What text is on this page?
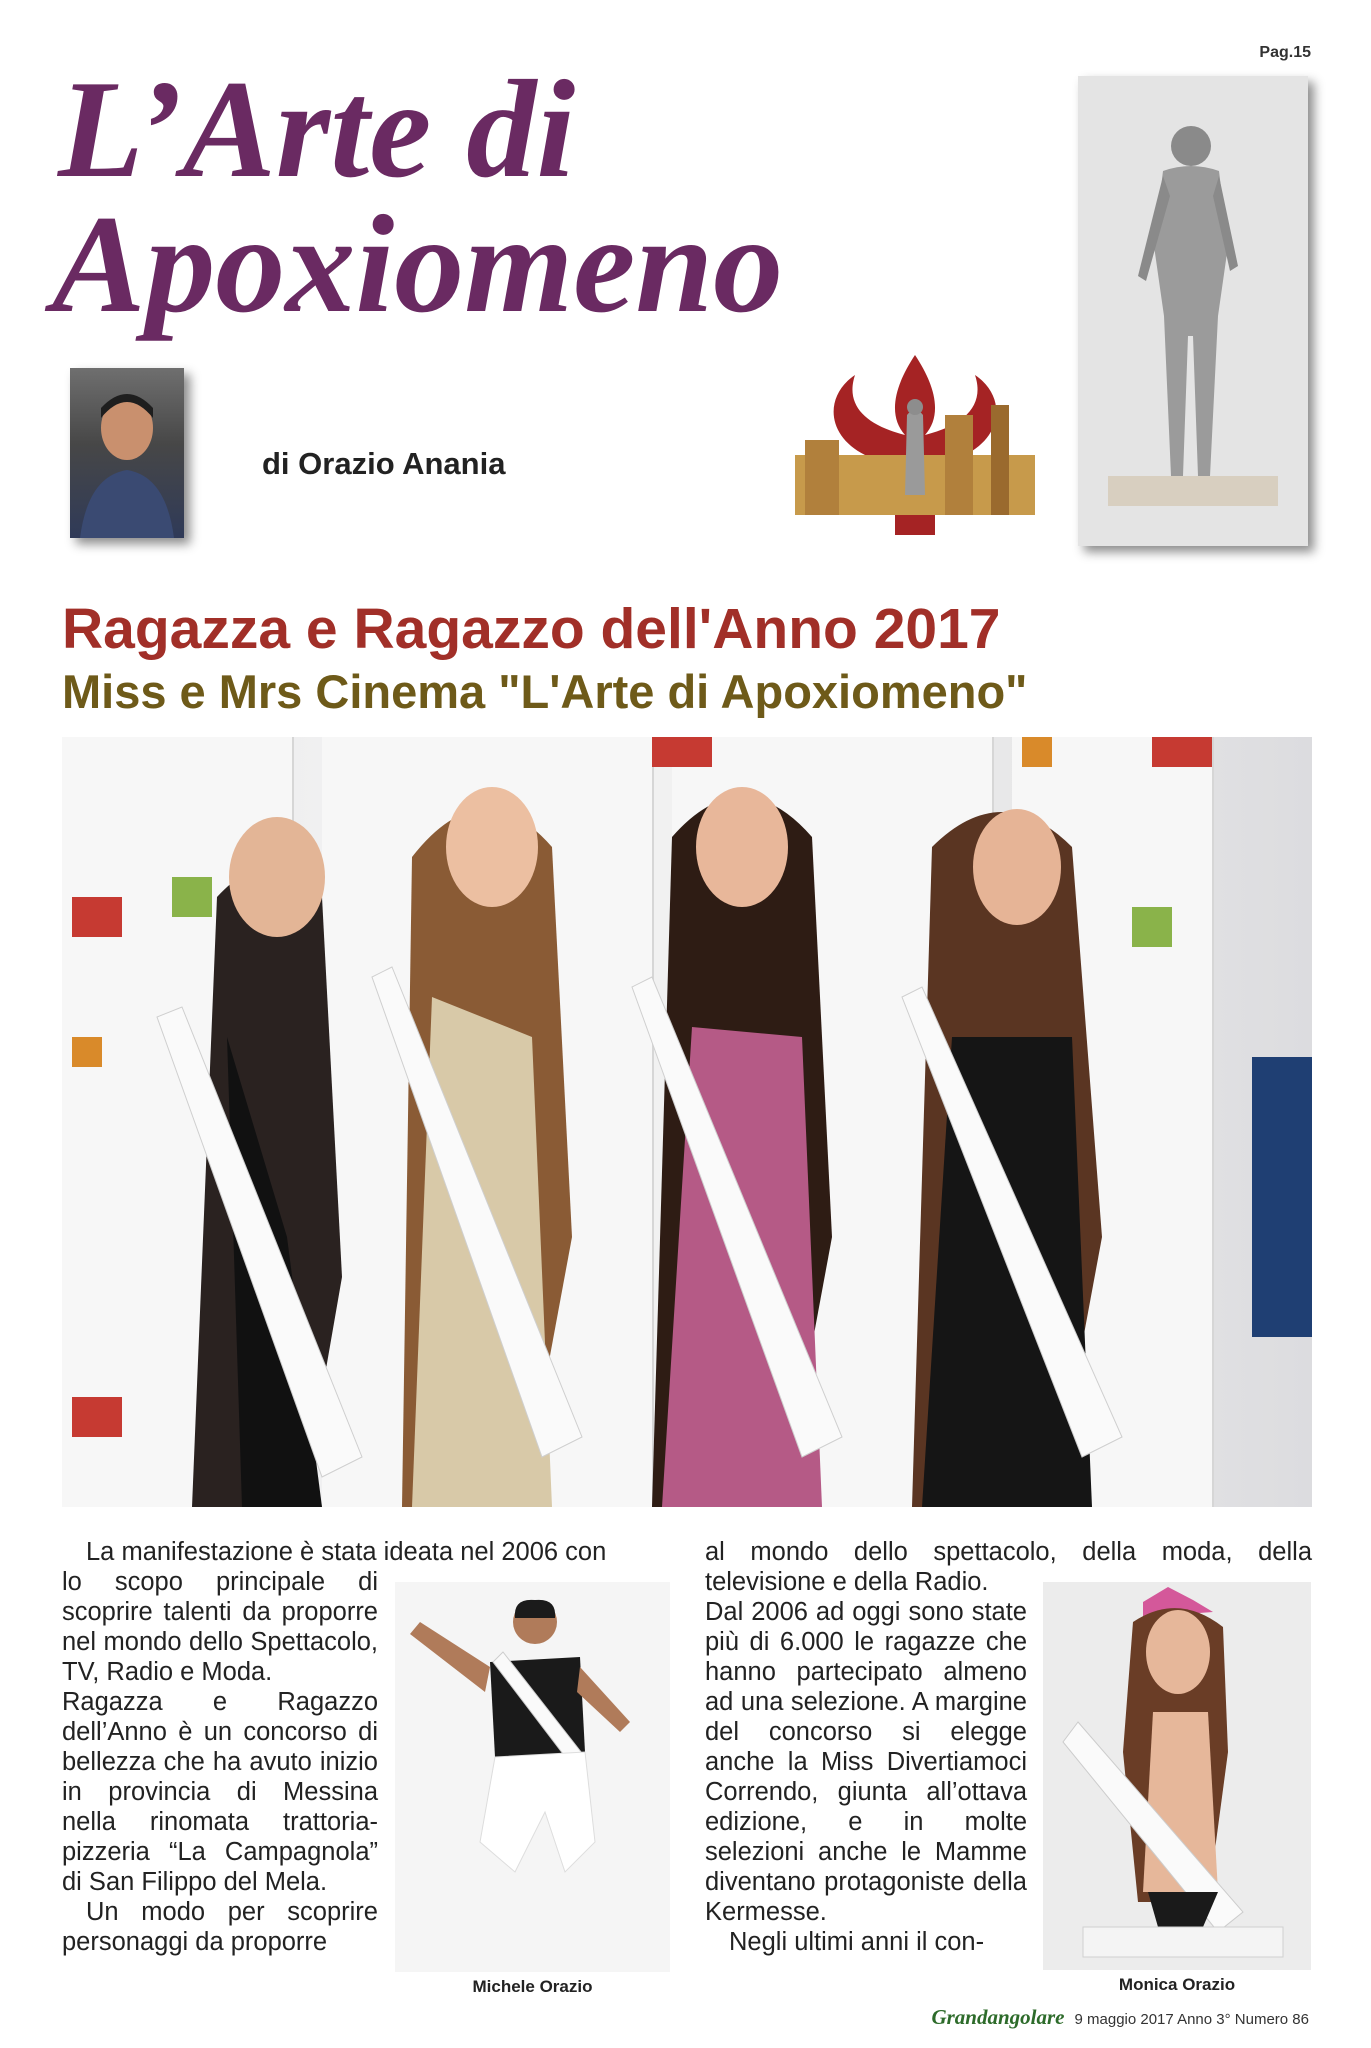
Pag.15
L’Arte di
Apoxiomeno
di Orazio Anania
Ragazza e Ragazzo dell'Anno 2017
Miss e Mrs Cinema "L'Arte di Apoxiomeno"
La manifestazione è stata ideata nel 2006 con

lo scopo principale di scoprire talenti da proporre nel mondo dello Spettacolo, TV, Radio e Moda.

Ragazza e Ragazzo dell’Anno è un concorso di bellezza che ha avuto inizio in provincia di Messina nella rinomata trattoria-pizzeria “La Campagnola” di San Filippo del Mela.

Un modo per scoprire personaggi da proporre

Michele Orazio
al mondo dello spettacolo, della moda, della televisione e della Radio.

Dal 2006 ad oggi sono state più di 6.000 le ragazze che hanno partecipato almeno ad una selezione. A margine del concorso si elegge anche la Miss Divertiamoci Correndo, giunta all’ottava edizione, e in molte selezioni anche le Mamme diventano protagoniste della Kermesse.

Negli ultimi anni il con-

Monica Orazio
Grandangolare 9 maggio 2017 Anno 3° Numero 86
